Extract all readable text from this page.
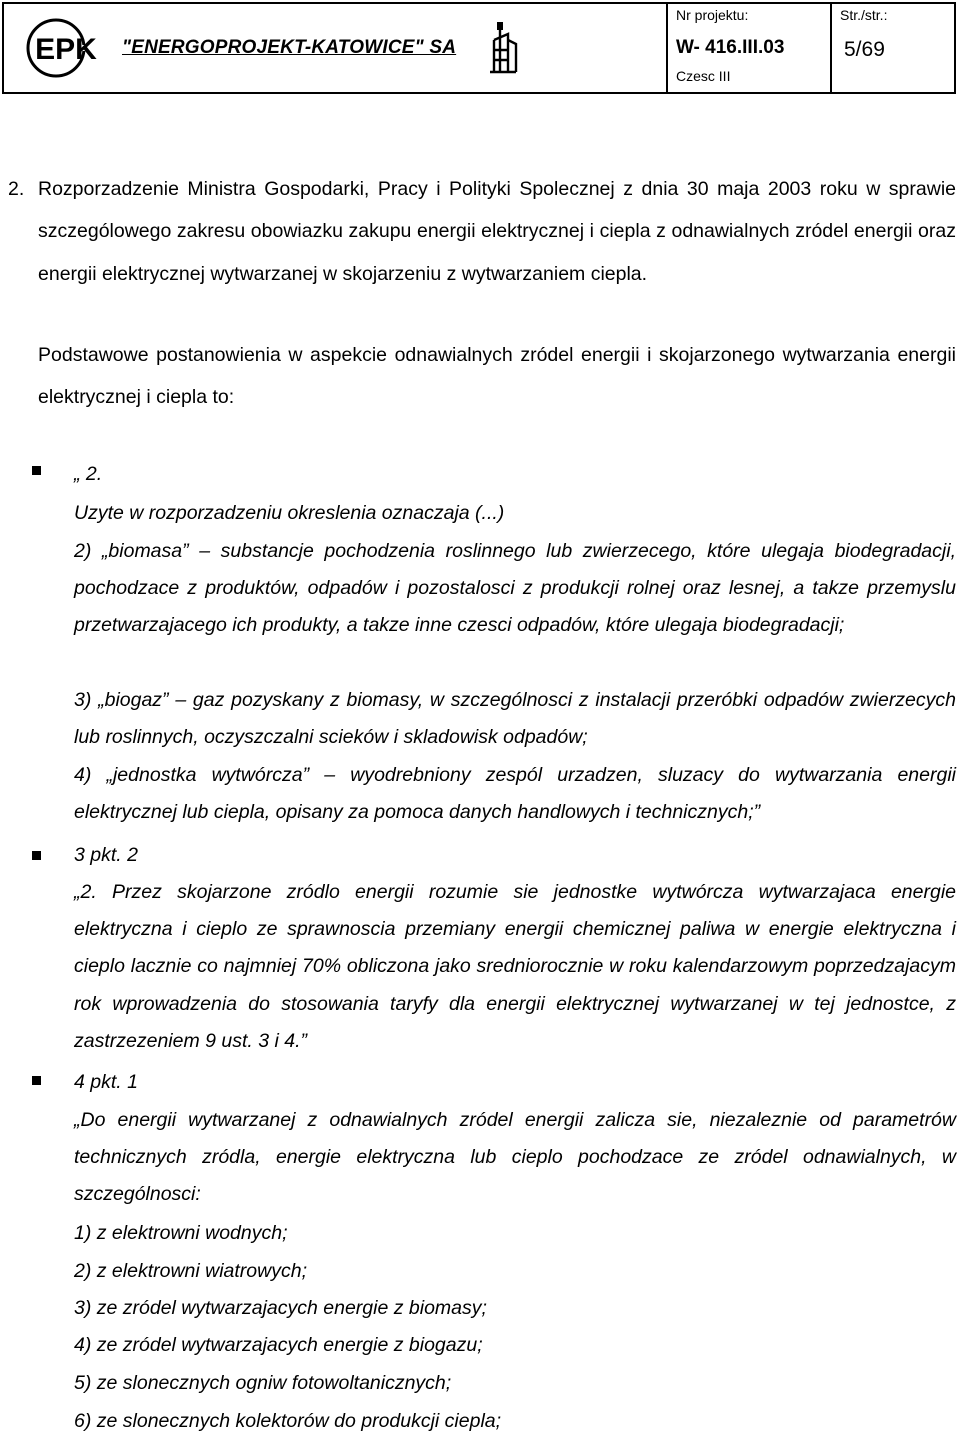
EPK "ENERGOPROJEKT-KATOWICE" SA
Nr projektu:
W- 416.III.03
Czesc III
Str./str.:
5/69
2. Rozporzadzenie Ministra Gospodarki, Pracy i Polityki Spolecznej z dnia 30 maja 2003 roku w sprawie szczególowego zakresu obowiazku zakupu energii elektrycznej i ciepla z odnawialnych zródel energii oraz energii elektrycznej wytwarzanej w skojarzeniu z wytwarzaniem ciepla.

Podstawowe postanowienia w aspekcie odnawialnych zródel energii i skojarzonego wytwarzania energii elektrycznej i ciepla to:

„ 2.

Uzyte w rozporzadzeniu okreslenia oznaczaja (...)

2) „biomasa” – substancje pochodzenia roslinnego lub zwierzecego, które ulegaja biodegradacji, pochodzace z produktów, odpadów i pozostalosci z produkcji rolnej oraz lesnej, a takze przemyslu przetwarzajacego ich produkty, a takze inne czesci odpadów, które ulegaja biodegradacji;

3) „biogaz” – gaz pozyskany z biomasy, w szczególnosci z instalacji przeróbki odpadów zwierzecych lub roslinnych, oczyszczalni scieków i skladowisk odpadów;

4) „jednostka wytwórcza” – wyodrebniony zespól urzadzen, sluzacy do wytwarzania energii elektrycznej lub ciepla, opisany za pomoca danych handlowych i technicznych;”

3 pkt. 2

„2. Przez skojarzone zródlo energii rozumie sie jednostke wytwórcza wytwarzajaca energie elektryczna i cieplo ze sprawnoscia przemiany energii chemicznej paliwa w energie elektryczna i cieplo lacznie co najmniej 70% obliczona jako sredniorocznie w roku kalendarzowym poprzedzajacym rok wprowadzenia do stosowania taryfy dla energii elektrycznej wytwarzanej w tej jednostce, z zastrzezeniem 9 ust. 3 i 4.”

4 pkt. 1

„Do energii wytwarzanej z odnawialnych zródel energii zalicza sie, niezaleznie od parametrów technicznych zródla, energie elektryczna lub cieplo pochodzace ze zródel odnawialnych, w szczególnosci:

1) z elektrowni wodnych;

2) z elektrowni wiatrowych;

3) ze zródel wytwarzajacych energie z biomasy;

4) ze zródel wytwarzajacych energie z biogazu;

5) ze slonecznych ogniw fotowoltanicznych;

6) ze slonecznych kolektorów do produkcji ciepla;
